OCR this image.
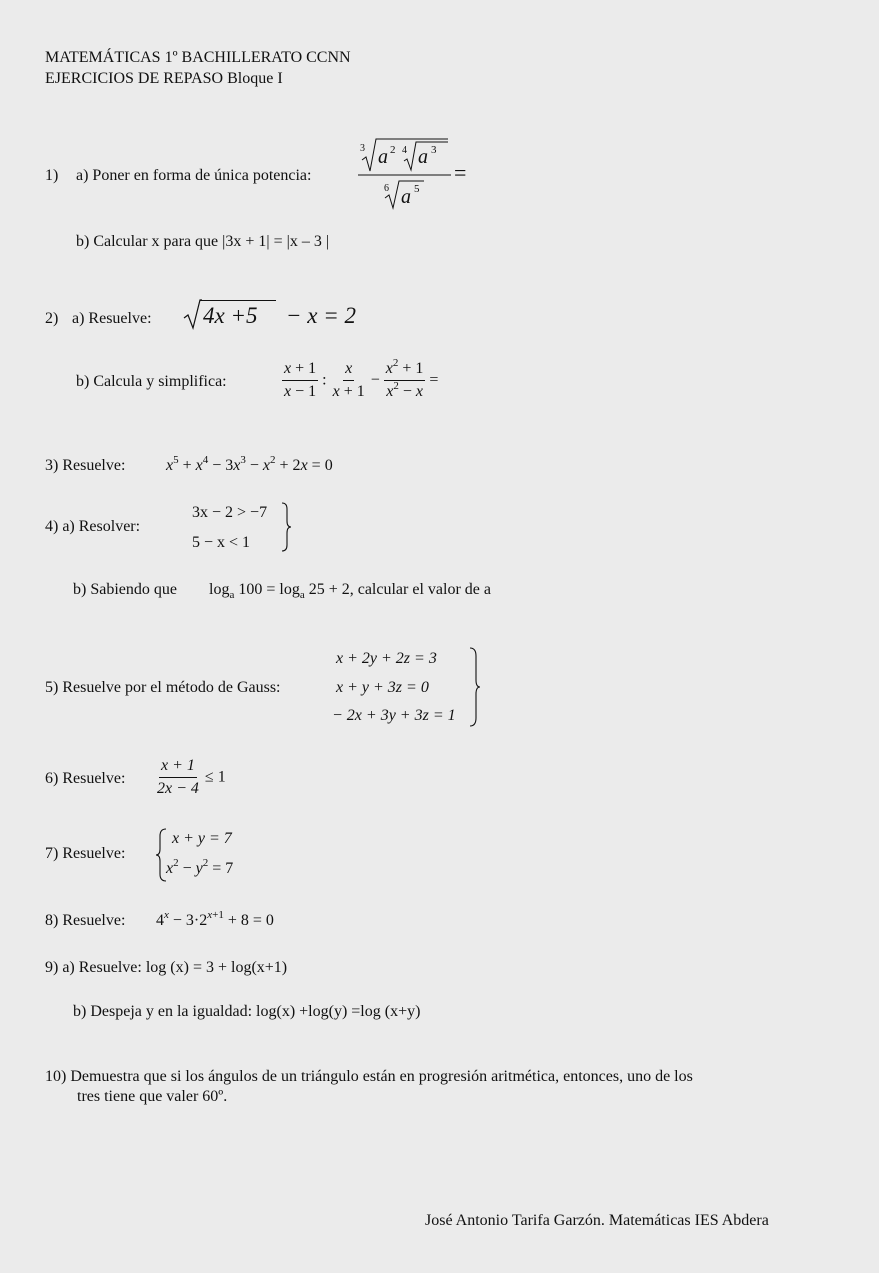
MATEMÁTICAS 1º BACHILLERATO CCNN
EJERCICIOS DE REPASO Bloque I
1) a) Poner en forma de única potencia:
3 a 2 4 a 3
6 a 5
=
b) Calcular x para que |3x + 1| = |x – 3 |
2) a) Resuelve: 4x +5 − x = 2
b) Calcula y simplifica:	$\frac{x + 1}{x - 1}$ : $\frac{x}{x + 1} - \frac{x^2 + 1}{x^2 - x}$ =
3) Resuelve:	$x^5 + x^4 - 3x^3 - x^2 + 2x = 0$
4) a) Resolver:
3x − 2 > −7
5 − x < 1
b) Sabiendo que $\log_a 100 = \log_a 25 + 2$, calcular el valor de a
5) Resuelve por el método de Gauss:
x + 2y + 2z = 3
x + y + 3z = 0
− 2x + 3y + 3z = 1
6) Resuelve: $\frac{x + 1}{2x - 4} \le 1$
7) Resuelve:
x + y = 7
$x^2 - y^2 = 7$
8) Resuelve: $4^x - 3\cdot 2^{x+1} + 8 = 0$
9) a) Resuelve: log (x) = 3 + log(x+1)
b) Despeja y en la igualdad: log(x) +log(y) =log (x+y)
10) Demuestra que si los ángulos de un triángulo están en progresión aritmética, entonces, uno de los
tres tiene que valer 60º.
José Antonio Tarifa Garzón. Matemáticas IES Abdera
